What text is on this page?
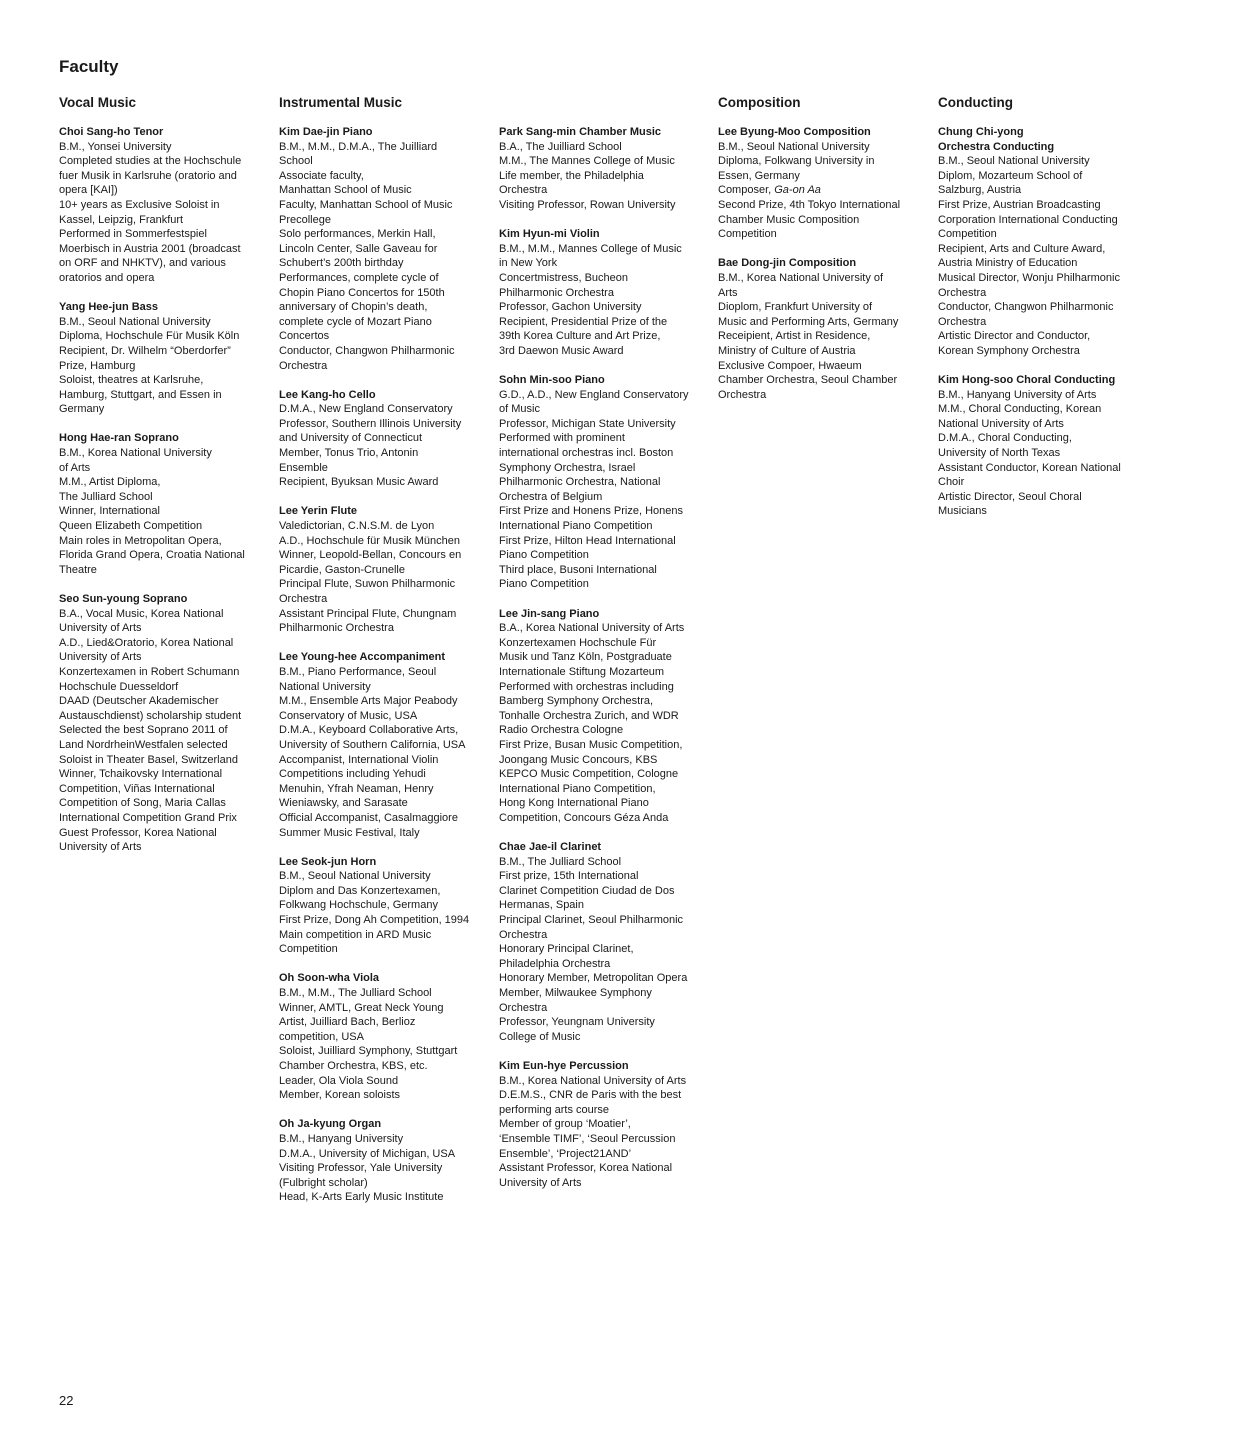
Faculty
Vocal Music
Choi Sang-ho Tenor
B.M., Yonsei University
Completed studies at the Hochschule
fuer Musik in Karlsruhe (oratorio and
opera [KAI])
10+ years as Exclusive Soloist in
Kassel, Leipzig, Frankfurt
Performed in Sommerfestspiel
Moerbisch in Austria 2001 (broadcast
on ORF and NHKTV), and various
oratorios and opera
Yang Hee-jun Bass
B.M., Seoul National University
Diploma, Hochschule Für Musik Köln
Recipient, Dr. Wilhelm “Oberdorfer”
Prize, Hamburg
Soloist, theatres at Karlsruhe,
Hamburg, Stuttgart, and Essen in
Germany
Hong Hae-ran Soprano
B.M., Korea National University
of Arts
M.M., Artist Diploma,
The Julliard School
Winner, International
Queen Elizabeth Competition
Main roles in Metropolitan Opera,
Florida Grand Opera, Croatia National
Theatre
Seo Sun-young Soprano
B.A., Vocal Music, Korea National
University of Arts
A.D., Lied&Oratorio, Korea National
University of Arts
Konzertexamen in Robert Schumann
Hochschule Duesseldorf
DAAD (Deutscher Akademischer
Austauschdienst) scholarship student
Selected the best Soprano 2011 of
Land NordrheinWestfalen selected
Soloist in Theater Basel, Switzerland
Winner, Tchaikovsky International
Competition, Viñas International
Competition of Song, Maria Callas
International Competition Grand Prix
Guest Professor, Korea National
University of Arts
Instrumental Music
Kim Dae-jin Piano
B.M., M.M., D.M.A., The Juilliard
School
Associate faculty,
Manhattan School of Music
Faculty, Manhattan School of Music
Precollege
Solo performances, Merkin Hall,
Lincoln Center, Salle Gaveau for
Schubert’s 200th birthday
Performances, complete cycle of
Chopin Piano Concertos for 150th
anniversary of Chopin’s death,
complete cycle of Mozart Piano
Concertos
Conductor, Changwon Philharmonic
Orchestra
Lee Kang-ho Cello
D.M.A., New England Conservatory
Professor, Southern Illinois University
and University of Connecticut
Member, Tonus Trio, Antonin
Ensemble
Recipient, Byuksan Music Award
Lee Yerin Flute
Valedictorian, C.N.S.M. de Lyon
A.D., Hochschule für Musik München
Winner, Leopold-Bellan, Concours en
Picardie, Gaston-Crunelle
Principal Flute, Suwon Philharmonic
Orchestra
Assistant Principal Flute, Chungnam
Philharmonic Orchestra
Lee Young-hee Accompaniment
B.M., Piano Performance, Seoul
National University
M.M., Ensemble Arts Major Peabody
Conservatory of Music, USA
D.M.A., Keyboard Collaborative Arts,
University of Southern California, USA
Accompanist, International Violin
Competitions including Yehudi
Menuhin, Yfrah Neaman, Henry
Wieniawsky, and Sarasate
Official Accompanist, Casalmaggiore
Summer Music Festival, Italy
Lee Seok-jun Horn
B.M., Seoul National University
Diplom and Das Konzertexamen,
Folkwang Hochschule, Germany
First Prize, Dong Ah Competition, 1994
Main competition in ARD Music
Competition
Oh Soon-wha Viola
B.M., M.M., The Julliard School
Winner, AMTL, Great Neck Young
Artist, Juilliard Bach, Berlioz
competition, USA
Soloist, Juilliard Symphony, Stuttgart
Chamber Orchestra, KBS, etc.
Leader, Ola Viola Sound
Member, Korean soloists
Oh Ja-kyung Organ
B.M., Hanyang University
D.M.A., University of Michigan, USA
Visiting Professor, Yale University
(Fulbright scholar)
Head, K-Arts Early Music Institute
Park Sang-min Chamber Music
B.A., The Juilliard School
M.M., The Mannes College of Music
Life member, the Philadelphia
Orchestra
Visiting Professor, Rowan University
Kim Hyun-mi Violin
B.M., M.M., Mannes College of Music
in New York
Concertmistress, Bucheon
Philharmonic Orchestra
Professor, Gachon University
Recipient, Presidential Prize of the
39th Korea Culture and Art Prize,
3rd Daewon Music Award
Sohn Min-soo Piano
G.D., A.D., New England Conservatory
of Music
Professor, Michigan State University
Performed with prominent
international orchestras incl. Boston
Symphony Orchestra, Israel
Philharmonic Orchestra, National
Orchestra of Belgium
First Prize and Honens Prize, Honens
International Piano Competition
First Prize, Hilton Head International
Piano Competition
Third place, Busoni International
Piano Competition
Lee Jin-sang Piano
B.A., Korea National University of Arts
Konzertexamen Hochschule Für
Musik und Tanz Köln, Postgraduate
Internationale Stiftung Mozarteum
Performed with orchestras including
Bamberg Symphony Orchestra,
Tonhalle Orchestra Zurich, and WDR
Radio Orchestra Cologne
First Prize, Busan Music Competition,
Joongang Music Concours, KBS
KEPCO Music Competition, Cologne
International Piano Competition,
Hong Kong International Piano
Competition, Concours Géza Anda
Chae Jae-il Clarinet
B.M., The Julliard School
First prize, 15th International
Clarinet Competition Ciudad de Dos
Hermanas, Spain
Principal Clarinet, Seoul Philharmonic
Orchestra
Honorary Principal Clarinet,
Philadelphia Orchestra
Honorary Member, Metropolitan Opera
Member, Milwaukee Symphony
Orchestra
Professor, Yeungnam University
College of Music
Kim Eun-hye Percussion
B.M., Korea National University of Arts
D.E.M.S., CNR de Paris with the best
performing arts course
Member of group ‘Moatier’,
‘Ensemble TIMF’, ‘Seoul Percussion
Ensemble’, ‘Project21AND’
Assistant Professor, Korea National
University of Arts
Composition
Lee Byung-Moo Composition
B.M., Seoul National University
Diploma, Folkwang University in
Essen, Germany
Composer, Ga-on Aa
Second Prize, 4th Tokyo International
Chamber Music Composition
Competition
Bae Dong-jin Composition
B.M., Korea National University of
Arts
Dioplom, Frankfurt University of
Music and Performing Arts, Germany
Receipient, Artist in Residence,
Ministry of Culture of Austria
Exclusive Compoer, Hwaeum
Chamber Orchestra, Seoul Chamber
Orchestra
Conducting
Chung Chi-yong
Orchestra Conducting
B.M., Seoul National University
Diplom, Mozarteum School of
Salzburg, Austria
First Prize, Austrian Broadcasting
Corporation International Conducting
Competition
Recipient, Arts and Culture Award,
Austria Ministry of Education
Musical Director, Wonju Philharmonic
Orchestra
Conductor, Changwon Philharmonic
Orchestra
Artistic Director and Conductor,
Korean Symphony Orchestra
Kim Hong-soo Choral Conducting
B.M., Hanyang University of Arts
M.M., Choral Conducting, Korean
National University of Arts
D.M.A., Choral Conducting,
University of North Texas
Assistant Conductor, Korean National
Choir
Artistic Director, Seoul Choral
Musicians
22
